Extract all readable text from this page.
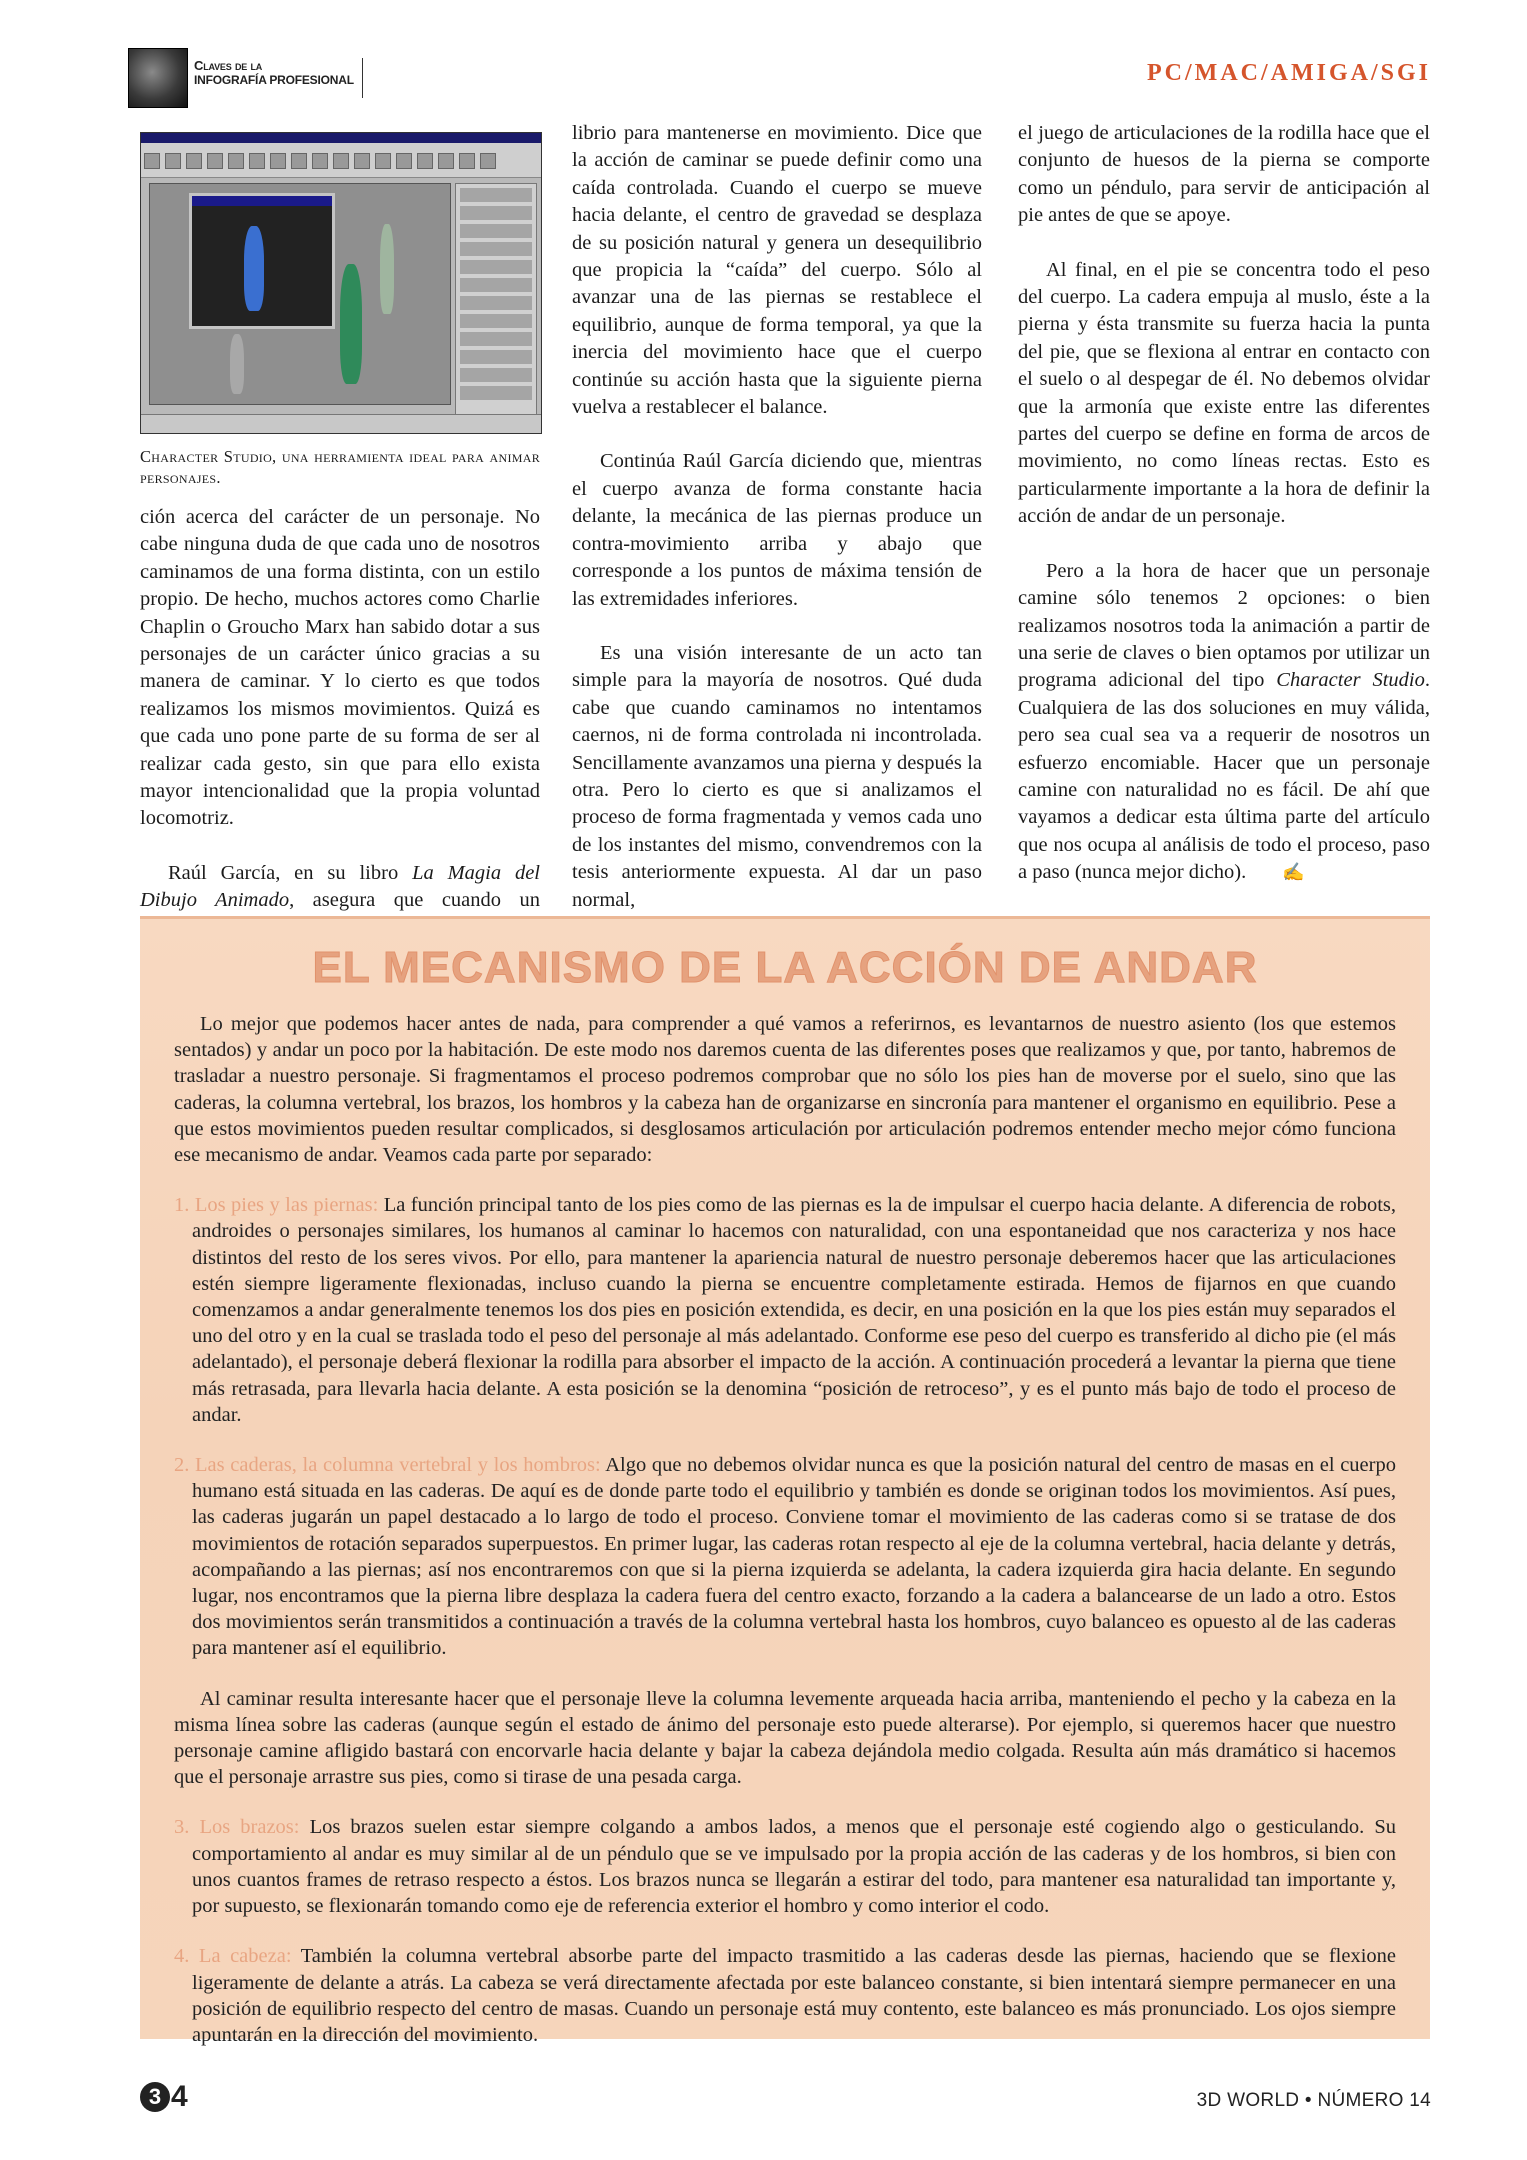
Claves de la
INFOGRAFÍA PROFESIONAL	PC/MAC/AMIGA/SGI
Character Studio, una herramienta ideal para animar personajes.

ción acerca del carácter de un personaje. No cabe ninguna duda de que cada uno de nosotros caminamos de una forma distinta, con un estilo propio. De hecho, muchos actores como Charlie Chaplin o Groucho Marx han sabido dotar a sus personajes de un carácter único gracias a su manera de caminar. Y lo cierto es que todos realizamos los mismos movimientos. Quizá es que cada uno pone parte de su forma de ser al realizar cada gesto, sin que para ello exista mayor intencionalidad que la propia voluntad locomotriz.

Raúl García, en su libro La Magia del Dibujo Animado, asegura que cuando un

librio para mantenerse en movimiento. Dice que la acción de caminar se puede definir como una caída controlada. Cuando el cuerpo se mueve hacia delante, el centro de gravedad se desplaza de su posición natural y genera un desequilibrio que propicia la “caída” del cuerpo. Sólo al avanzar una de las piernas se restablece el equilibrio, aunque de forma temporal, ya que la inercia del movimiento hace que el cuerpo continúe su acción hasta que la siguiente pierna vuelva a restablecer el balance.

Continúa Raúl García diciendo que, mientras el cuerpo avanza de forma constante hacia delante, la mecánica de las piernas produce un contra-movimiento arriba y abajo que corresponde a los puntos de máxima tensión de las extremidades inferiores.

Es una visión interesante de un acto tan simple para la mayoría de nosotros. Qué duda cabe que cuando caminamos no intentamos caernos, ni de forma controlada ni incontrolada. Sencillamente avanzamos una pierna y después la otra. Pero lo cierto es que si analizamos el proceso de forma fragmentada y vemos cada uno de los instantes del mismo, convendremos con la tesis anteriormente expuesta. Al dar un paso normal,

el juego de articulaciones de la rodilla hace que el conjunto de huesos de la pierna se comporte como un péndulo, para servir de anticipación al pie antes de que se apoye.

Al final, en el pie se concentra todo el peso del cuerpo. La cadera empuja al muslo, éste a la pierna y ésta transmite su fuerza hacia la punta del pie, que se flexiona al entrar en contacto con el suelo o al despegar de él. No debemos olvidar que la armonía que existe entre las diferentes partes del cuerpo se define en forma de arcos de movimiento, no como líneas rectas. Esto es particularmente importante a la hora de definir la acción de andar de un personaje.

Pero a la hora de hacer que un personaje camine sólo tenemos 2 opciones: o bien realizamos nosotros toda la animación a partir de una serie de claves o bien optamos por utilizar un programa adicional del tipo Character Studio. Cualquiera de las dos soluciones en muy válida, pero sea cual sea va a requerir de nosotros un esfuerzo encomiable. Hacer que un personaje camine con naturalidad no es fácil. De ahí que vayamos a dedicar esta última parte del artículo que nos ocupa al análisis de todo el proceso, paso a paso (nunca mejor dicho). ✍

EL MECANISMO DE LA ACCIÓN DE ANDAR

Lo mejor que podemos hacer antes de nada, para comprender a qué vamos a referirnos, es levantarnos de nuestro asiento (los que estemos sentados) y andar un poco por la habitación. De este modo nos daremos cuenta de las diferentes poses que realizamos y que, por tanto, habremos de trasladar a nuestro personaje. Si fragmentamos el proceso podremos comprobar que no sólo los pies han de moverse por el suelo, sino que las caderas, la columna vertebral, los brazos, los hombros y la cabeza han de organizarse en sincronía para mantener el organismo en equilibrio. Pese a que estos movimientos pueden resultar complicados, si desglosamos articulación por articulación podremos entender mecho mejor cómo funciona ese mecanismo de andar. Veamos cada parte por separado:

1. Los pies y las piernas: La función principal tanto de los pies como de las piernas es la de impulsar el cuerpo hacia delante. A diferencia de robots, androides o personajes similares, los humanos al caminar lo hacemos con naturalidad, con una espontaneidad que nos caracteriza y nos hace distintos del resto de los seres vivos. Por ello, para mantener la apariencia natural de nuestro personaje deberemos hacer que las articulaciones estén siempre ligeramente flexionadas, incluso cuando la pierna se encuentre completamente estirada. Hemos de fijarnos en que cuando comenzamos a andar generalmente tenemos los dos pies en posición extendida, es decir, en una posición en la que los pies están muy separados el uno del otro y en la cual se traslada todo el peso del personaje al más adelantado. Conforme ese peso del cuerpo es transferido al dicho pie (el más adelantado), el personaje deberá flexionar la rodilla para absorber el impacto de la acción. A continuación procederá a levantar la pierna que tiene más retrasada, para llevarla hacia delante. A esta posición se la denomina “posición de retroceso”, y es el punto más bajo de todo el proceso de andar.

2. Las caderas, la columna vertebral y los hombros: Algo que no debemos olvidar nunca es que la posición natural del centro de masas en el cuerpo humano está situada en las caderas. De aquí es de donde parte todo el equilibrio y también es donde se originan todos los movimientos. Así pues, las caderas jugarán un papel destacado a lo largo de todo el proceso. Conviene tomar el movimiento de las caderas como si se tratase de dos movimientos de rotación separados superpuestos. En primer lugar, las caderas rotan respecto al eje de la columna vertebral, hacia delante y detrás, acompañando a las piernas; así nos encontraremos con que si la pierna izquierda se adelanta, la cadera izquierda gira hacia delante. En segundo lugar, nos encontramos que la pierna libre desplaza la cadera fuera del centro exacto, forzando a la cadera a balancearse de un lado a otro. Estos dos movimientos serán transmitidos a continuación a través de la columna vertebral hasta los hombros, cuyo balanceo es opuesto al de las caderas para mantener así el equilibrio.

Al caminar resulta interesante hacer que el personaje lleve la columna levemente arqueada hacia arriba, manteniendo el pecho y la cabeza en la misma línea sobre las caderas (aunque según el estado de ánimo del personaje esto puede alterarse). Por ejemplo, si queremos hacer que nuestro personaje camine afligido bastará con encorvarle hacia delante y bajar la cabeza dejándola medio colgada. Resulta aún más dramático si hacemos que el personaje arrastre sus pies, como si tirase de una pesada carga.

3. Los brazos: Los brazos suelen estar siempre colgando a ambos lados, a menos que el personaje esté cogiendo algo o gesticulando. Su comportamiento al andar es muy similar al de un péndulo que se ve impulsado por la propia acción de las caderas y de los hombros, si bien con unos cuantos frames de retraso respecto a éstos. Los brazos nunca se llegarán a estirar del todo, para mantener esa naturalidad tan importante y, por supuesto, se flexionarán tomando como eje de referencia exterior el hombro y como interior el codo.

4. La cabeza: También la columna vertebral absorbe parte del impacto trasmitido a las caderas desde las piernas, haciendo que se flexione ligeramente de delante a atrás. La cabeza se verá directamente afectada por este balanceo constante, si bien intentará siempre permanecer en una posición de equilibrio respecto del centro de masas. Cuando un personaje está muy contento, este balanceo es más pronunciado. Los ojos siempre apuntarán en la dirección del movimiento.

3 4	3D WORLD • NÚMERO 14
